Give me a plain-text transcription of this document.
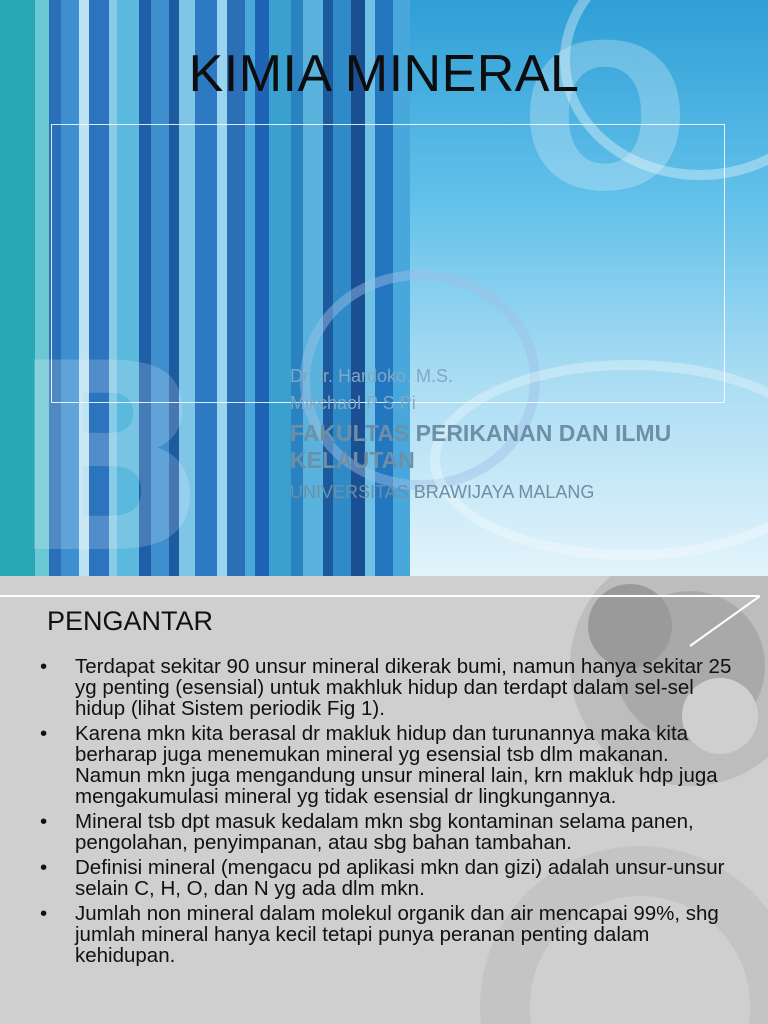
B
O
KIMIA MINERAL
Dr. Ir. Hardoko. M.S.
Mikchaol P S.Pi
FAKULTAS PERIKANAN DAN ILMU KELAUTAN
UNIVERSITAS BRAWIJAYA MALANG
PENGANTAR
• Terdapat sekitar 90 unsur mineral dikerak bumi, namun hanya sekitar 25 yg penting (esensial) untuk makhluk hidup dan terdapt dalam sel-sel hidup (lihat Sistem periodik Fig 1).
• Karena mkn kita berasal dr makluk hidup dan turunannya maka kita berharap juga menemukan mineral yg esensial tsb dlm makanan. Namun mkn juga mengandung unsur mineral lain, krn makluk hdp juga mengakumulasi mineral yg tidak esensial dr lingkungannya.
• Mineral tsb dpt masuk kedalam mkn sbg kontaminan selama panen, pengolahan, penyimpanan, atau sbg bahan tambahan.
• Definisi mineral (mengacu pd aplikasi mkn dan gizi) adalah unsur-unsur selain C, H, O, dan N yg ada dlm mkn.
• Jumlah non mineral dalam molekul organik dan air mencapai 99%, shg jumlah mineral hanya kecil tetapi punya peranan penting dalam kehidupan.
